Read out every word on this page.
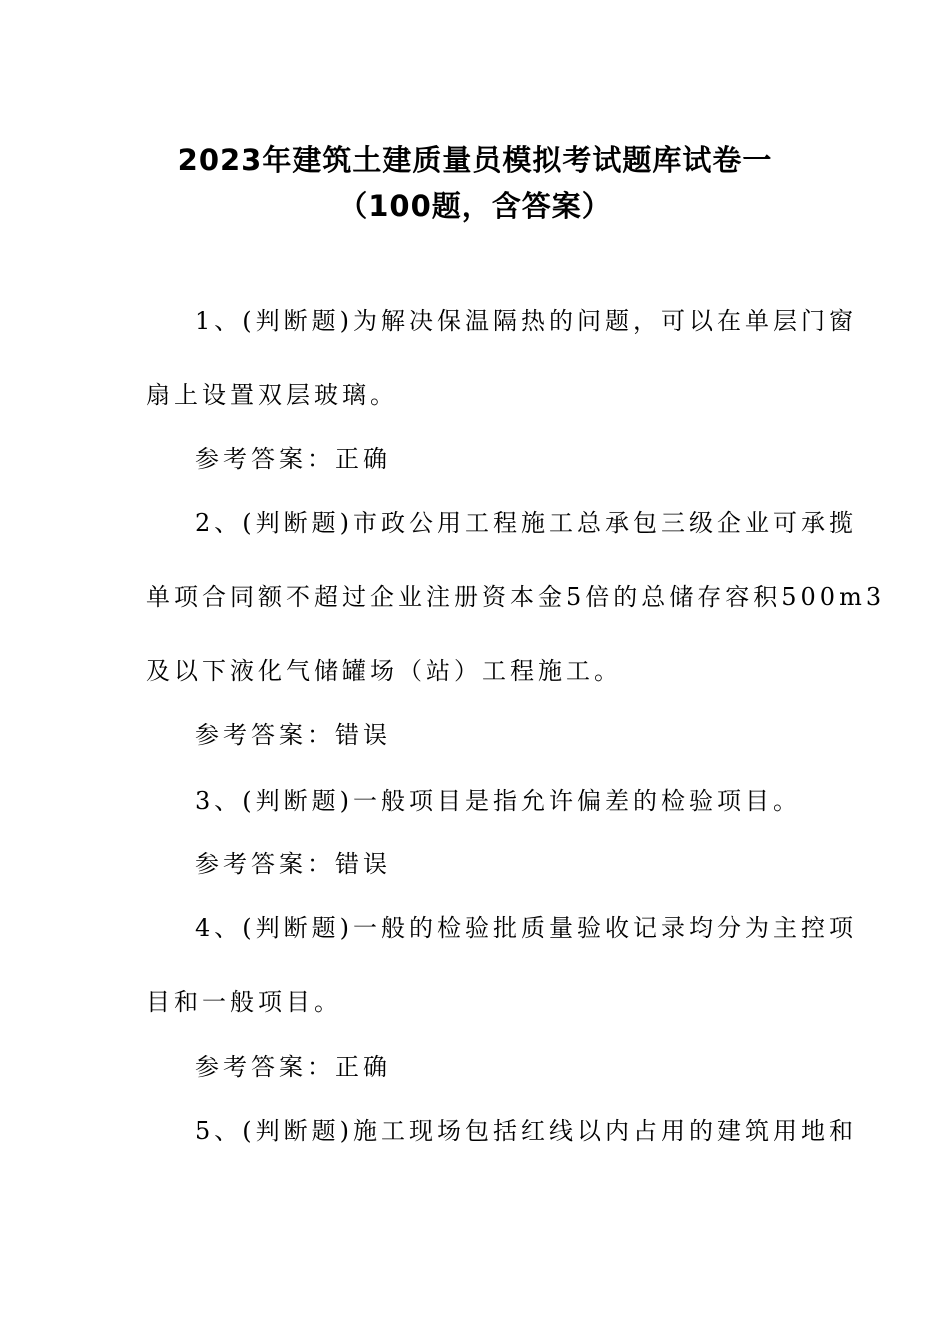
2023年建筑土建质量员模拟考试题库试卷一
（100题，含答案）
1、(判断题)为解决保温隔热的问题，可以在单层门窗
扇上设置双层玻璃。
参考答案：正确
2、(判断题)市政公用工程施工总承包三级企业可承揽
单项合同额不超过企业注册资本金5倍的总储存容积500m3
及以下液化气储罐场（站）工程施工。
参考答案：错误
3、(判断题)一般项目是指允许偏差的检验项目。
参考答案：错误
4、(判断题)一般的检验批质量验收记录均分为主控项
目和一般项目。
参考答案：正确
5、(判断题)施工现场包括红线以内占用的建筑用地和
